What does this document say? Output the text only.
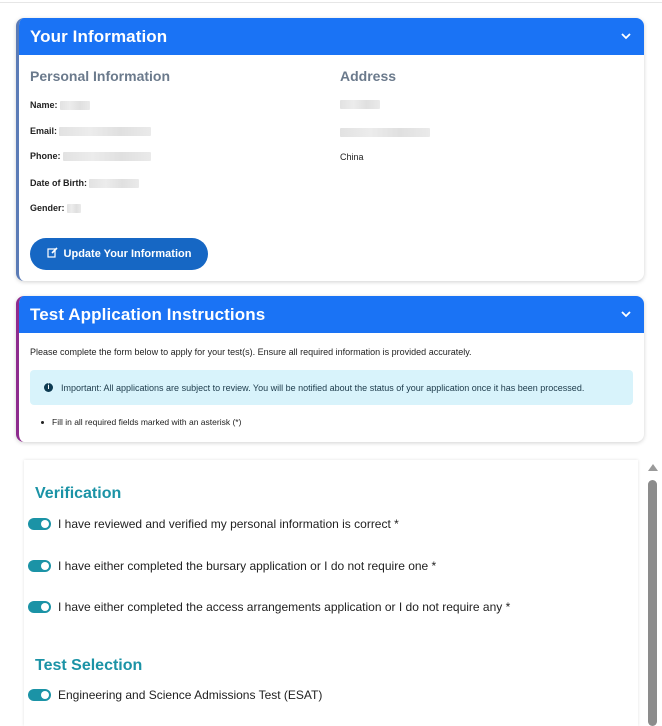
Your Information
Personal Information	Address
Name:
Email:
Phone:
Date of Birth:
Gender:
China
Update Your Information
Test Application Instructions
Please complete the form below to apply for your test(s). Ensure all required information is provided accurately.
i	Important: All applications are subject to review. You will be notified about the status of your application once it has been processed.
Fill in all required fields marked with an asterisk (*)
Verification
I have reviewed and verified my personal information is correct *
I have either completed the bursary application or I do not require one *
I have either completed the access arrangements application or I do not require any *
Test Selection
Engineering and Science Admissions Test (ESAT)
